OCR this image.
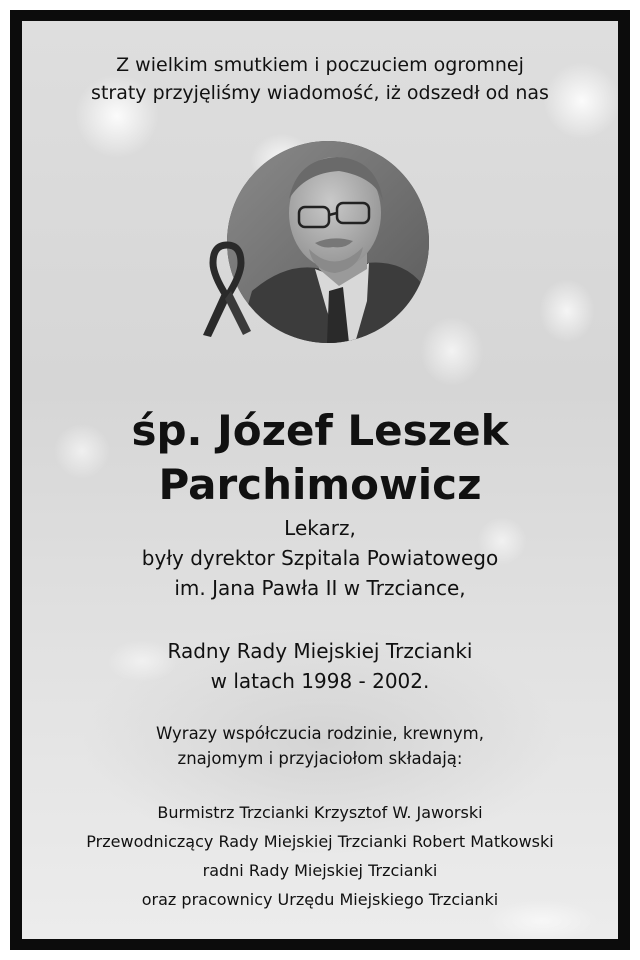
Z wielkim smutkiem i poczuciem ogromnej
straty przyjęliśmy wiadomość, iż odszedł od nas
śp. Józef Leszek
Parchimowicz
Lekarz,
były dyrektor Szpitala Powiatowego
im. Jana Pawła II w Trzciance,
Radny Rady Miejskiej Trzcianki
w latach 1998 - 2002.
Wyrazy współczucia rodzinie, krewnym,
znajomym i przyjaciołom składają:
Burmistrz Trzcianki Krzysztof W. Jaworski
Przewodniczący Rady Miejskiej Trzcianki Robert Matkowski
radni Rady Miejskiej Trzcianki
oraz pracownicy Urzędu Miejskiego Trzcianki
